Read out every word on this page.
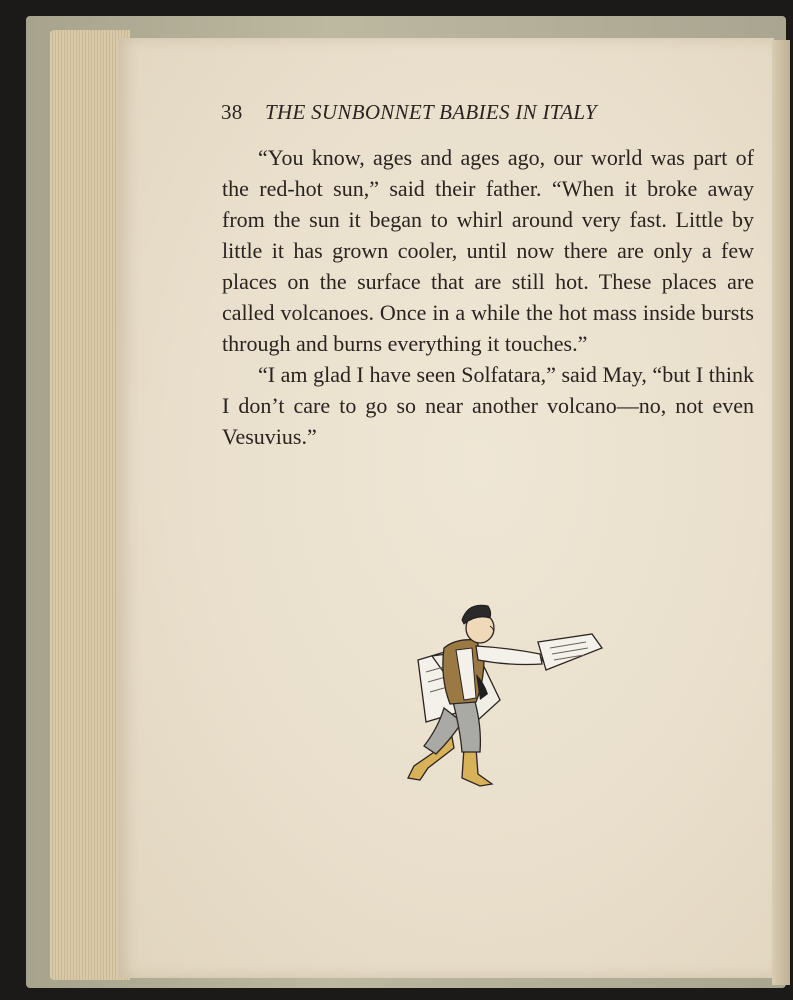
38 THE SUNBONNET BABIES IN ITALY

“You know, ages and ages ago, our world was part of the red-hot sun,” said their father. “When it broke away from the sun it began to whirl around very fast. Little by little it has grown cooler, until now there are only a few places on the surface that are still hot. These places are called volcanoes. Once in a while the hot mass inside bursts through and burns everything it touches.”

“I am glad I have seen Solfatara,” said May, “but I think I don’t care to go so near another volcano—no, not even Vesuvius.”
